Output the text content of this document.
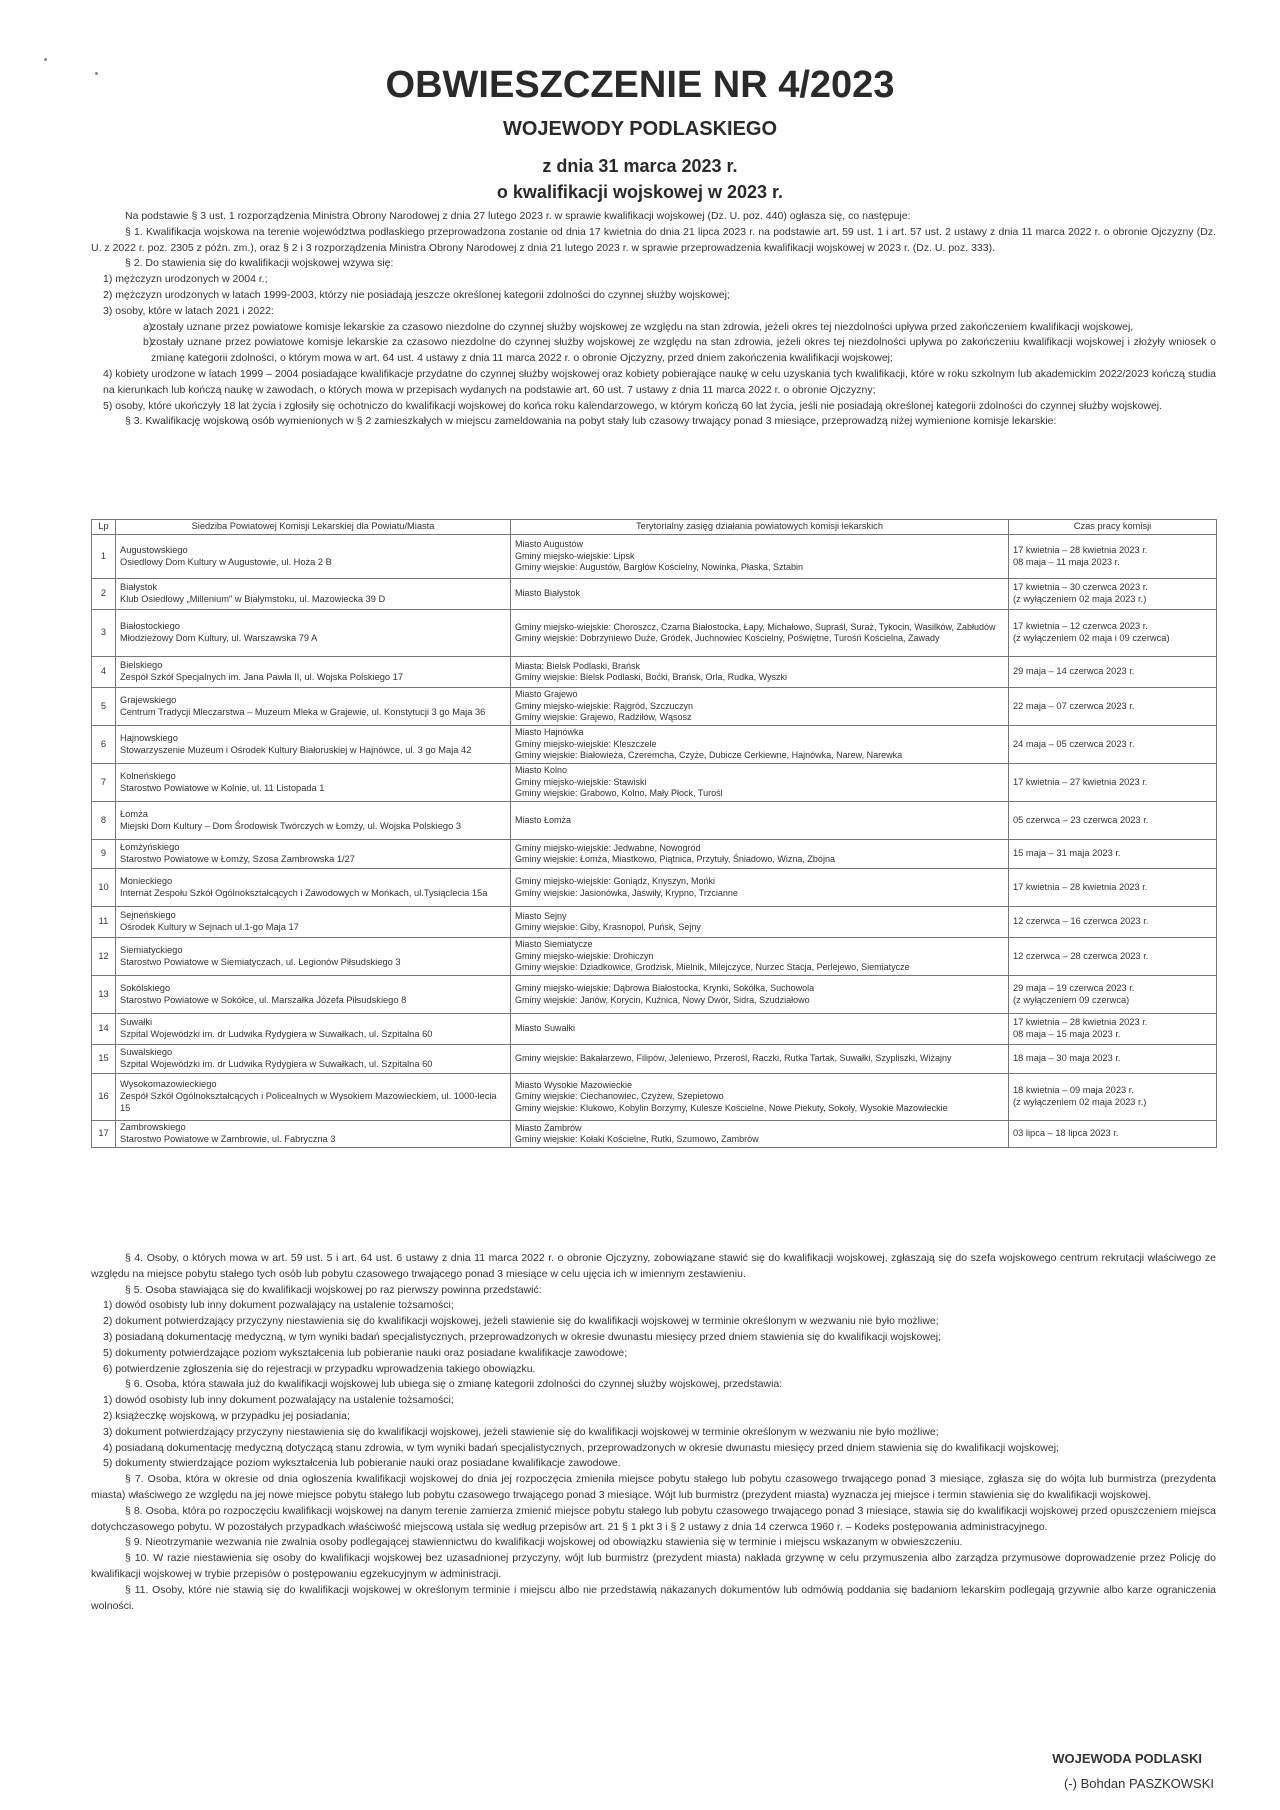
OBWIESZCZENIE NR 4/2023
WOJEWODY PODLASKIEGO
z dnia 31 marca 2023 r.
o kwalifikacji wojskowej w 2023 r.

Na podstawie § 3 ust. 1 rozporządzenia Ministra Obrony Narodowej z dnia 27 lutego 2023 r. w sprawie kwalifikacji wojskowej (Dz. U. poz. 440) ogłasza się, co następuje:

§ 1. Kwalifikacja wojskowa na terenie województwa podlaskiego przeprowadzona zostanie od dnia 17 kwietnia do dnia 21 lipca 2023 r. na podstawie art. 59 ust. 1 i art. 57 ust. 2 ustawy z dnia 11 marca 2022 r. o obronie Ojczyzny (Dz. U. z 2022 r. poz. 2305 z późn. zm.), oraz § 2 i 3 rozporządzenia Ministra Obrony Narodowej z dnia 21 lutego 2023 r. w sprawie przeprowadzenia kwalifikacji wojskowej w 2023 r. (Dz. U. poz. 333).

§ 2. Do stawienia się do kwalifikacji wojskowej wzywa się:

1) mężczyzn urodzonych w 2004 r.;

2) mężczyzn urodzonych w latach 1999-2003, którzy nie posiadają jeszcze określonej kategorii zdolności do czynnej służby wojskowej;

3) osoby, które w latach 2021 i 2022:

a)
zostały uznane przez powiatowe komisje lekarskie za czasowo niezdolne do czynnej służby wojskowej ze względu na stan zdrowia, jeżeli okres tej niezdolności upływa przed zakończeniem kwalifikacji wojskowej,

b)
zostały uznane przez powiatowe komisje lekarskie za czasowo niezdolne do czynnej służby wojskowej ze względu na stan zdrowia, jeżeli okres tej niezdolności upływa po zakończeniu kwalifikacji wojskowej i złożyły wniosek o zmianę kategorii zdolności, o którym mowa w art. 64 ust. 4 ustawy z dnia 11 marca 2022 r. o obronie Ojczyzny, przed dniem zakończenia kwalifikacji wojskowej;

4) kobiety urodzone w latach 1999 – 2004 posiadające kwalifikacje przydatne do czynnej służby wojskowej oraz kobiety pobierające naukę w celu uzyskania tych kwalifikacji, które w roku szkolnym lub akademickim 2022/2023 kończą studia na kierunkach lub kończą naukę w zawodach, o których mowa w przepisach wydanych na podstawie art. 60 ust. 7 ustawy z dnia 11 marca 2022 r. o obronie Ojczyzny;

5) osoby, które ukończyły 18 lat życia i zgłosiły się ochotniczo do kwalifikacji wojskowej do końca roku kalendarzowego, w którym kończą 60 lat życia, jeśli nie posiadają określonej kategorii zdolności do czynnej służby wojskowej.

§ 3. Kwalifikację wojskową osób wymienionych w § 2 zamieszkałych w miejscu zameldowania na pobyt stały lub czasowy trwający ponad 3 miesiące, przeprowadzą niżej wymienione komisje lekarskie:

Lp	Siedziba Powiatowej Komisji Lekarskiej dla Powiatu/Miasta	Terytorialny zasięg działania powiatowych komisji lekarskich	Czas pracy komisji
1	Augustowskiego
Osiedlowy Dom Kultury w Augustowie, ul. Hoża 2 B	Miasto Augustów
Gminy miejsko-wiejskie: Lipsk
Gminy wiejskie: Augustów, Bargłów Kościelny, Nowinka, Płaska, Sztabin	17 kwietnia – 28 kwietnia 2023 r.
08 maja – 11 maja 2023 r.

2	Białystok
Klub Osiedlowy „Millenium" w Białymstoku, ul. Mazowiecka 39 D	Miasto Białystok	17 kwietnia – 30 czerwca 2023 r.
(z wyłączeniem 02 maja 2023 r.)

3	Białostockiego
Młodzieżowy Dom Kultury, ul. Warszawska 79 A	Gminy miejsko-wiejskie: Choroszcz, Czarna Białostocka, Łapy, Michałowo, Supraśl, Suraż, Tykocin, Wasilków, Zabłudów
Gminy wiejskie: Dobrzyniewo Duże, Gródek, Juchnowiec Kościelny, Poświętne, Turośń Kościelna, Zawady	17 kwietnia – 12 czerwca 2023 r.
(z wyłączeniem 02 maja i 09 czerwca)

4	Bielskiego
Zespół Szkół Specjalnych im. Jana Pawła II, ul. Wojska Polskiego 17	Miasta: Bielsk Podlaski, Brańsk
Gminy wiejskie: Bielsk Podlaski, Boćki, Brańsk, Orla, Rudka, Wyszki	29 maja – 14 czerwca 2023 r.

5	Grajewskiego
Centrum Tradycji Mleczarstwa – Muzeum Mleka w Grajewie, ul. Konstytucji 3 go Maja 36	Miasto Grajewo
Gminy miejsko-wiejskie: Rajgród, Szczuczyn
Gminy wiejskie: Grajewo, Radziłów, Wąsosz	22 maja – 07 czerwca 2023 r.

6	Hajnowskiego
Stowarzyszenie Muzeum i Ośrodek Kultury Białoruskiej w Hajnówce, ul. 3 go Maja 42	Miasto Hajnówka
Gminy miejsko-wiejskie: Kleszczele
Gminy wiejskie: Białowieża, Czeremcha, Czyże, Dubicze Cerkiewne, Hajnówka, Narew, Narewka	24 maja – 05 czerwca 2023 r.

7	Kolneńskiego
Starostwo Powiatowe w Kolnie, ul. 11 Listopada 1	Miasto Kolno
Gminy miejsko-wiejskie: Stawiski
Gminy wiejskie: Grabowo, Kolno, Mały Płock, Turośl	17 kwietnia – 27 kwietnia 2023 r.

8	Łomża
Miejski Dom Kultury – Dom Środowisk Twórczych w Łomży, ul. Wojska Polskiego 3	Miasto Łomża	05 czerwca – 23 czerwca 2023 r.

9	Łomżyńskiego
Starostwo Powiatowe w Łomży, Szosa Zambrowska 1/27	Gminy miejsko-wiejskie: Jedwabne, Nowogród
Gminy wiejskie: Łomża, Miastkowo, Piątnica, Przytuły, Śniadowo, Wizna, Zbójna	15 maja – 31 maja 2023 r.

10	Monieckiego
Internat Zespołu Szkół Ogólnokształcących i Zawodowych w Mońkach, ul.Tysiąclecia 15a	Gminy miejsko-wiejskie: Goniądz, Knyszyn, Mońki
Gminy wiejskie: Jasionówka, Jaświły, Krypno, Trzcianne	17 kwietnia – 28 kwietnia 2023 r.

11	Sejneńskiego
Ośrodek Kultury w Sejnach ul.1-go Maja 17	Miasto Sejny
Gminy wiejskie: Giby, Krasnopol, Puńsk, Sejny	12 czerwca – 16 czerwca 2023 r.

12	Siemiatyckiego
Starostwo Powiatowe w Siemiatyczach, ul. Legionów Piłsudskiego 3	Miasto Siemiatycze
Gminy miejsko-wiejskie: Drohiczyn
Gminy wiejskie: Dziadkowice, Grodzisk, Mielnik, Milejczyce, Nurzec Stacja, Perlejewo, Siemiatycze	12 czerwca – 28 czerwca 2023 r.

13	Sokólskiego
Starostwo Powiatowe w Sokółce, ul. Marszałka Józefa Piłsudskiego 8	Gminy miejsko-wiejskie: Dąbrowa Białostocka, Krynki, Sokółka, Suchowola
Gminy wiejskie: Janów, Korycin, Kuźnica, Nowy Dwór, Sidra, Szudziałowo	29 maja – 19 czerwca 2023 r.
(z wyłączeniem 09 czerwca)

14	Suwałki
Szpital Wojewódzki im. dr Ludwika Rydygiera w Suwałkach, ul. Szpitalna 60	Miasto Suwałki	17 kwietnia – 28 kwietnia 2023 r.
08 maja – 15 maja 2023 r.

15	Suwalskiego
Szpital Wojewódzki im. dr Ludwika Rydygiera w Suwałkach, ul. Szpitalna 60	Gminy wiejskie: Bakałarzewo, Filipów, Jeleniewo, Przerośl, Raczki, Rutka Tartak, Suwałki, Szypliszki, Wiżajny	18 maja – 30 maja 2023 r.

16	Wysokomazowieckiego
Zespół Szkół Ogólnokształcących i Policealnych w Wysokiem Mazowieckiem, ul. 1000-lecia 15	Miasto Wysokie Mazowieckie
Gminy wiejskie: Ciechanowiec, Czyżew, Szepietowo
Gminy wiejskie: Klukowo, Kobylin Borzymy, Kulesze Kościelne, Nowe Piekuty, Sokoły, Wysokie Mazowieckie	18 kwietnia – 09 maja 2023 r.
(z wyłączeniem 02 maja 2023 r.)

17	Zambrowskiego
Starostwo Powiatowe w Zambrowie, ul. Fabryczna 3	Miasto Zambrów
Gminy wiejskie: Kołaki Kościelne, Rutki, Szumowo, Zambrów	03 lipca – 18 lipca 2023 r.

§ 4. Osoby, o których mowa w art. 59 ust. 5 i art. 64 ust. 6 ustawy z dnia 11 marca 2022 r. o obronie Ojczyzny, zobowiązane stawić się do kwalifikacji wojskowej, zgłaszają się do szefa wojskowego centrum rekrutacji właściwego ze względu na miejsce pobytu stałego tych osób lub pobytu czasowego trwającego ponad 3 miesiące w celu ujęcia ich w imiennym zestawieniu.

§ 5. Osoba stawiająca się do kwalifikacji wojskowej po raz pierwszy powinna przedstawić:

1) dowód osobisty lub inny dokument pozwalający na ustalenie tożsamości;

2) dokument potwierdzający przyczyny niestawienia się do kwalifikacji wojskowej, jeżeli stawienie się do kwalifikacji wojskowej w terminie określonym w wezwaniu nie było możliwe;

3) posiadaną dokumentację medyczną, w tym wyniki badań specjalistycznych, przeprowadzonych w okresie dwunastu miesięcy przed dniem stawienia się do kwalifikacji wojskowej;

5) dokumenty potwierdzające poziom wykształcenia lub pobieranie nauki oraz posiadane kwalifikacje zawodowe;

6) potwierdzenie zgłoszenia się do rejestracji w przypadku wprowadzenia takiego obowiązku.

§ 6. Osoba, która stawała już do kwalifikacji wojskowej lub ubiega się o zmianę kategorii zdolności do czynnej służby wojskowej, przedstawia:

1) dowód osobisty lub inny dokument pozwalający na ustalenie tożsamości;

2) książeczkę wojskową, w przypadku jej posiadania;

3) dokument potwierdzający przyczyny niestawienia się do kwalifikacji wojskowej, jeżeli stawienie się do kwalifikacji wojskowej w terminie określonym w wezwaniu nie było możliwe;

4) posiadaną dokumentację medyczną dotyczącą stanu zdrowia, w tym wyniki badań specjalistycznych, przeprowadzonych w okresie dwunastu miesięcy przed dniem stawienia się do kwalifikacji wojskowej;

5) dokumenty stwierdzające poziom wykształcenia lub pobieranie nauki oraz posiadane kwalifikacje zawodowe.

§ 7. Osoba, która w okresie od dnia ogłoszenia kwalifikacji wojskowej do dnia jej rozpoczęcia zmieniła miejsce pobytu stałego lub pobytu czasowego trwającego ponad 3 miesiące, zgłasza się do wójta lub burmistrza (prezydenta miasta) właściwego ze względu na jej nowe miejsce pobytu stałego lub pobytu czasowego trwającego ponad 3 miesiące. Wójt lub burmistrz (prezydent miasta) wyznacza jej miejsce i termin stawienia się do kwalifikacji wojskowej.

§ 8. Osoba, która po rozpoczęciu kwalifikacji wojskowej na danym terenie zamierza zmienić miejsce pobytu stałego lub pobytu czasowego trwającego ponad 3 miesiące, stawia się do kwalifikacji wojskowej przed opuszczeniem miejsca dotychczasowego pobytu. W pozostałych przypadkach właściwość miejscową ustala się według przepisów art. 21 § 1 pkt 3 i § 2 ustawy z dnia 14 czerwca 1960 r. – Kodeks postępowania administracyjnego.

§ 9. Nieotrzymanie wezwania nie zwalnia osoby podlegającej stawiennictwu do kwalifikacji wojskowej od obowiązku stawienia się w terminie i miejscu wskazanym w obwieszczeniu.

§ 10. W razie niestawienia się osoby do kwalifikacji wojskowej bez uzasadnionej przyczyny, wójt lub burmistrz (prezydent miasta) nakłada grzywnę w celu przymuszenia albo zarządza przymusowe doprowadzenie przez Policję do kwalifikacji wojskowej w trybie przepisów o postępowaniu egzekucyjnym w administracji.

§ 11. Osoby, które nie stawią się do kwalifikacji wojskowej w określonym terminie i miejscu albo nie przedstawią nakazanych dokumentów lub odmówią poddania się badaniom lekarskim podlegają grzywnie albo karze ograniczenia wolności.

WOJEWODA PODLASKI
(-) Bohdan PASZKOWSKI
